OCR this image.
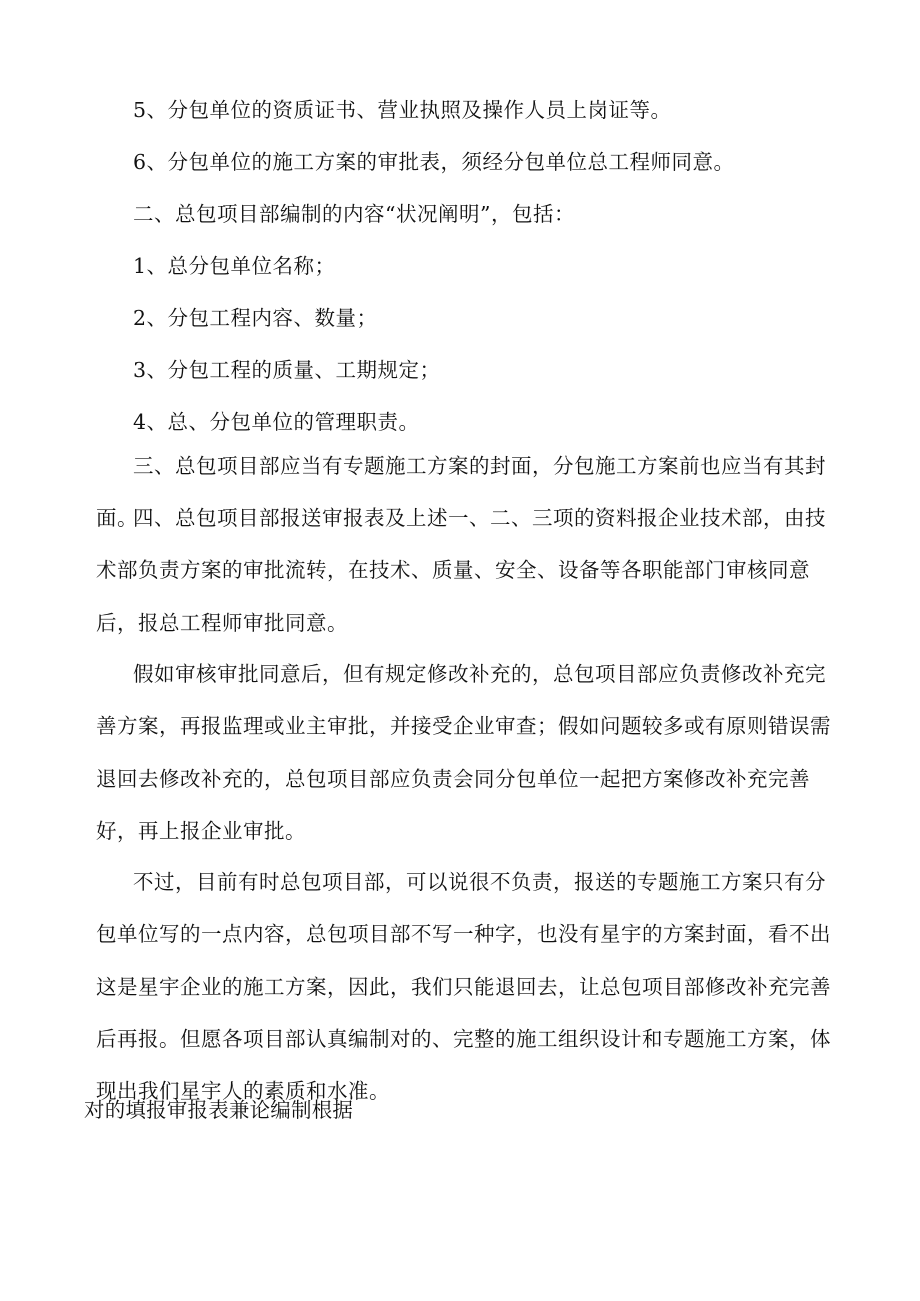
5、分包单位的资质证书、营业执照及操作人员上岗证等。

6、分包单位的施工方案的审批表，须经分包单位总工程师同意。

二、总包项目部编制的内容“状况阐明”，包括：

1、总分包单位名称；

2、分包工程内容、数量；

3、分包工程的质量、工期规定；

4、总、分包单位的管理职责。

三、总包项目部应当有专题施工方案的封面，分包施工方案前也应当有其封面。

四、总包项目部报送审报表及上述一、二、三项的资料报企业技术部，由技术部负责方案的审批流转，在技术、质量、安全、设备等各职能部门审核同意后，报总工程师审批同意。

假如审核审批同意后，但有规定修改补充的，总包项目部应负责修改补充完善方案，再报监理或业主审批，并接受企业审查；假如问题较多或有原则错误需退回去修改补充的，总包项目部应负责会同分包单位一起把方案修改补充完善好，再上报企业审批。

不过，目前有时总包项目部，可以说很不负责，报送的专题施工方案只有分包单位写的一点内容，总包项目部不写一种字，也没有星宇的方案封面，看不出这是星宇企业的施工方案，因此，我们只能退回去，让总包项目部修改补充完善后再报。但愿各项目部认真编制对的、完整的施工组织设计和专题施工方案，体现出我们星宇人的素质和水准。

对的填报审报表兼论编制根据
